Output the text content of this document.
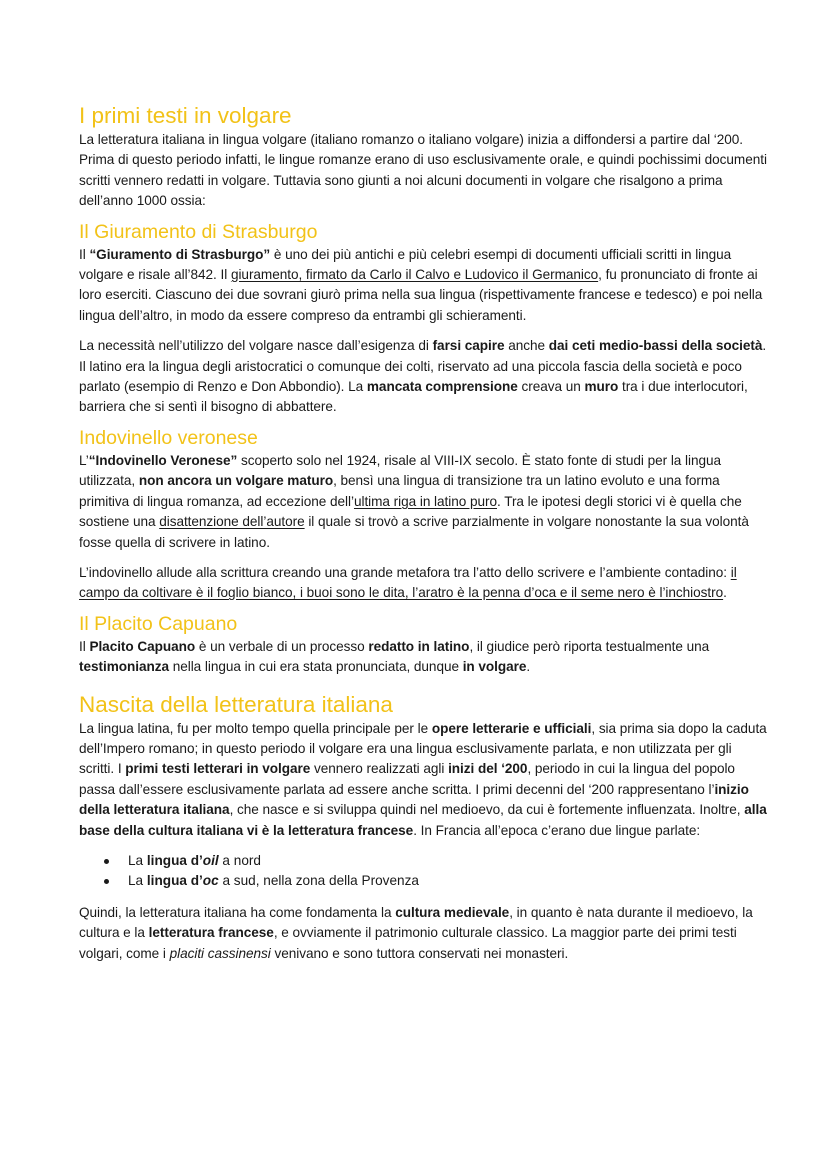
I primi testi in volgare

La letteratura italiana in lingua volgare (italiano romanzo o italiano volgare) inizia a diffondersi a partire dal ‘200. Prima di questo periodo infatti, le lingue romanze erano di uso esclusivamente orale, e quindi pochissimi documenti scritti vennero redatti in volgare. Tuttavia sono giunti a noi alcuni documenti in volgare che risalgono a prima dell’anno 1000 ossia:

Il Giuramento di Strasburgo

Il “Giuramento di Strasburgo” è uno dei più antichi e più celebri esempi di documenti ufficiali scritti in lingua volgare e risale all’842. Il giuramento, firmato da Carlo il Calvo e Ludovico il Germanico, fu pronunciato di fronte ai loro eserciti. Ciascuno dei due sovrani giurò prima nella sua lingua (rispettivamente francese e tedesco) e poi nella lingua dell’altro, in modo da essere compreso da entrambi gli schieramenti.

La necessità nell’utilizzo del volgare nasce dall’esigenza di farsi capire anche dai ceti medio-bassi della società. Il latino era la lingua degli aristocratici o comunque dei colti, riservato ad una piccola fascia della società e poco parlato (esempio di Renzo e Don Abbondio). La mancata comprensione creava un muro tra i due interlocutori, barriera che si sentì il bisogno di abbattere.

Indovinello veronese

L’“Indovinello Veronese” scoperto solo nel 1924, risale al VIII-IX secolo. È stato fonte di studi per la lingua utilizzata, non ancora un volgare maturo, bensì una lingua di transizione tra un latino evoluto e una forma primitiva di lingua romanza, ad eccezione dell’ultima riga in latino puro. Tra le ipotesi degli storici vi è quella che sostiene una disattenzione dell’autore il quale si trovò a scrive parzialmente in volgare nonostante la sua volontà fosse quella di scrivere in latino.

L’indovinello allude alla scrittura creando una grande metafora tra l’atto dello scrivere e l’ambiente contadino: il campo da coltivare è il foglio bianco, i buoi sono le dita, l’aratro è la penna d’oca e il seme nero è l’inchiostro.

Il Placito Capuano

Il Placito Capuano è un verbale di un processo redatto in latino, il giudice però riporta testualmente una testimonianza nella lingua in cui era stata pronunciata, dunque in volgare.

Nascita della letteratura italiana

La lingua latina, fu per molto tempo quella principale per le opere letterarie e ufficiali, sia prima sia dopo la caduta dell’Impero romano; in questo periodo il volgare era una lingua esclusivamente parlata, e non utilizzata per gli scritti. I primi testi letterari in volgare vennero realizzati agli inizi del ‘200, periodo in cui la lingua del popolo passa dall’essere esclusivamente parlata ad essere anche scritta. I primi decenni del ‘200 rappresentano l’inizio della letteratura italiana, che nasce e si sviluppa quindi nel medioevo, da cui è fortemente influenzata. Inoltre, alla base della cultura italiana vi è la letteratura francese. In Francia all’epoca c’erano due lingue parlate:

La lingua d’oil a nord
La lingua d’oc a sud, nella zona della Provenza

Quindi, la letteratura italiana ha come fondamenta la cultura medievale, in quanto è nata durante il medioevo, la cultura e la letteratura francese, e ovviamente il patrimonio culturale classico. La maggior parte dei primi testi volgari, come i placiti cassinensi venivano e sono tuttora conservati nei monasteri.
